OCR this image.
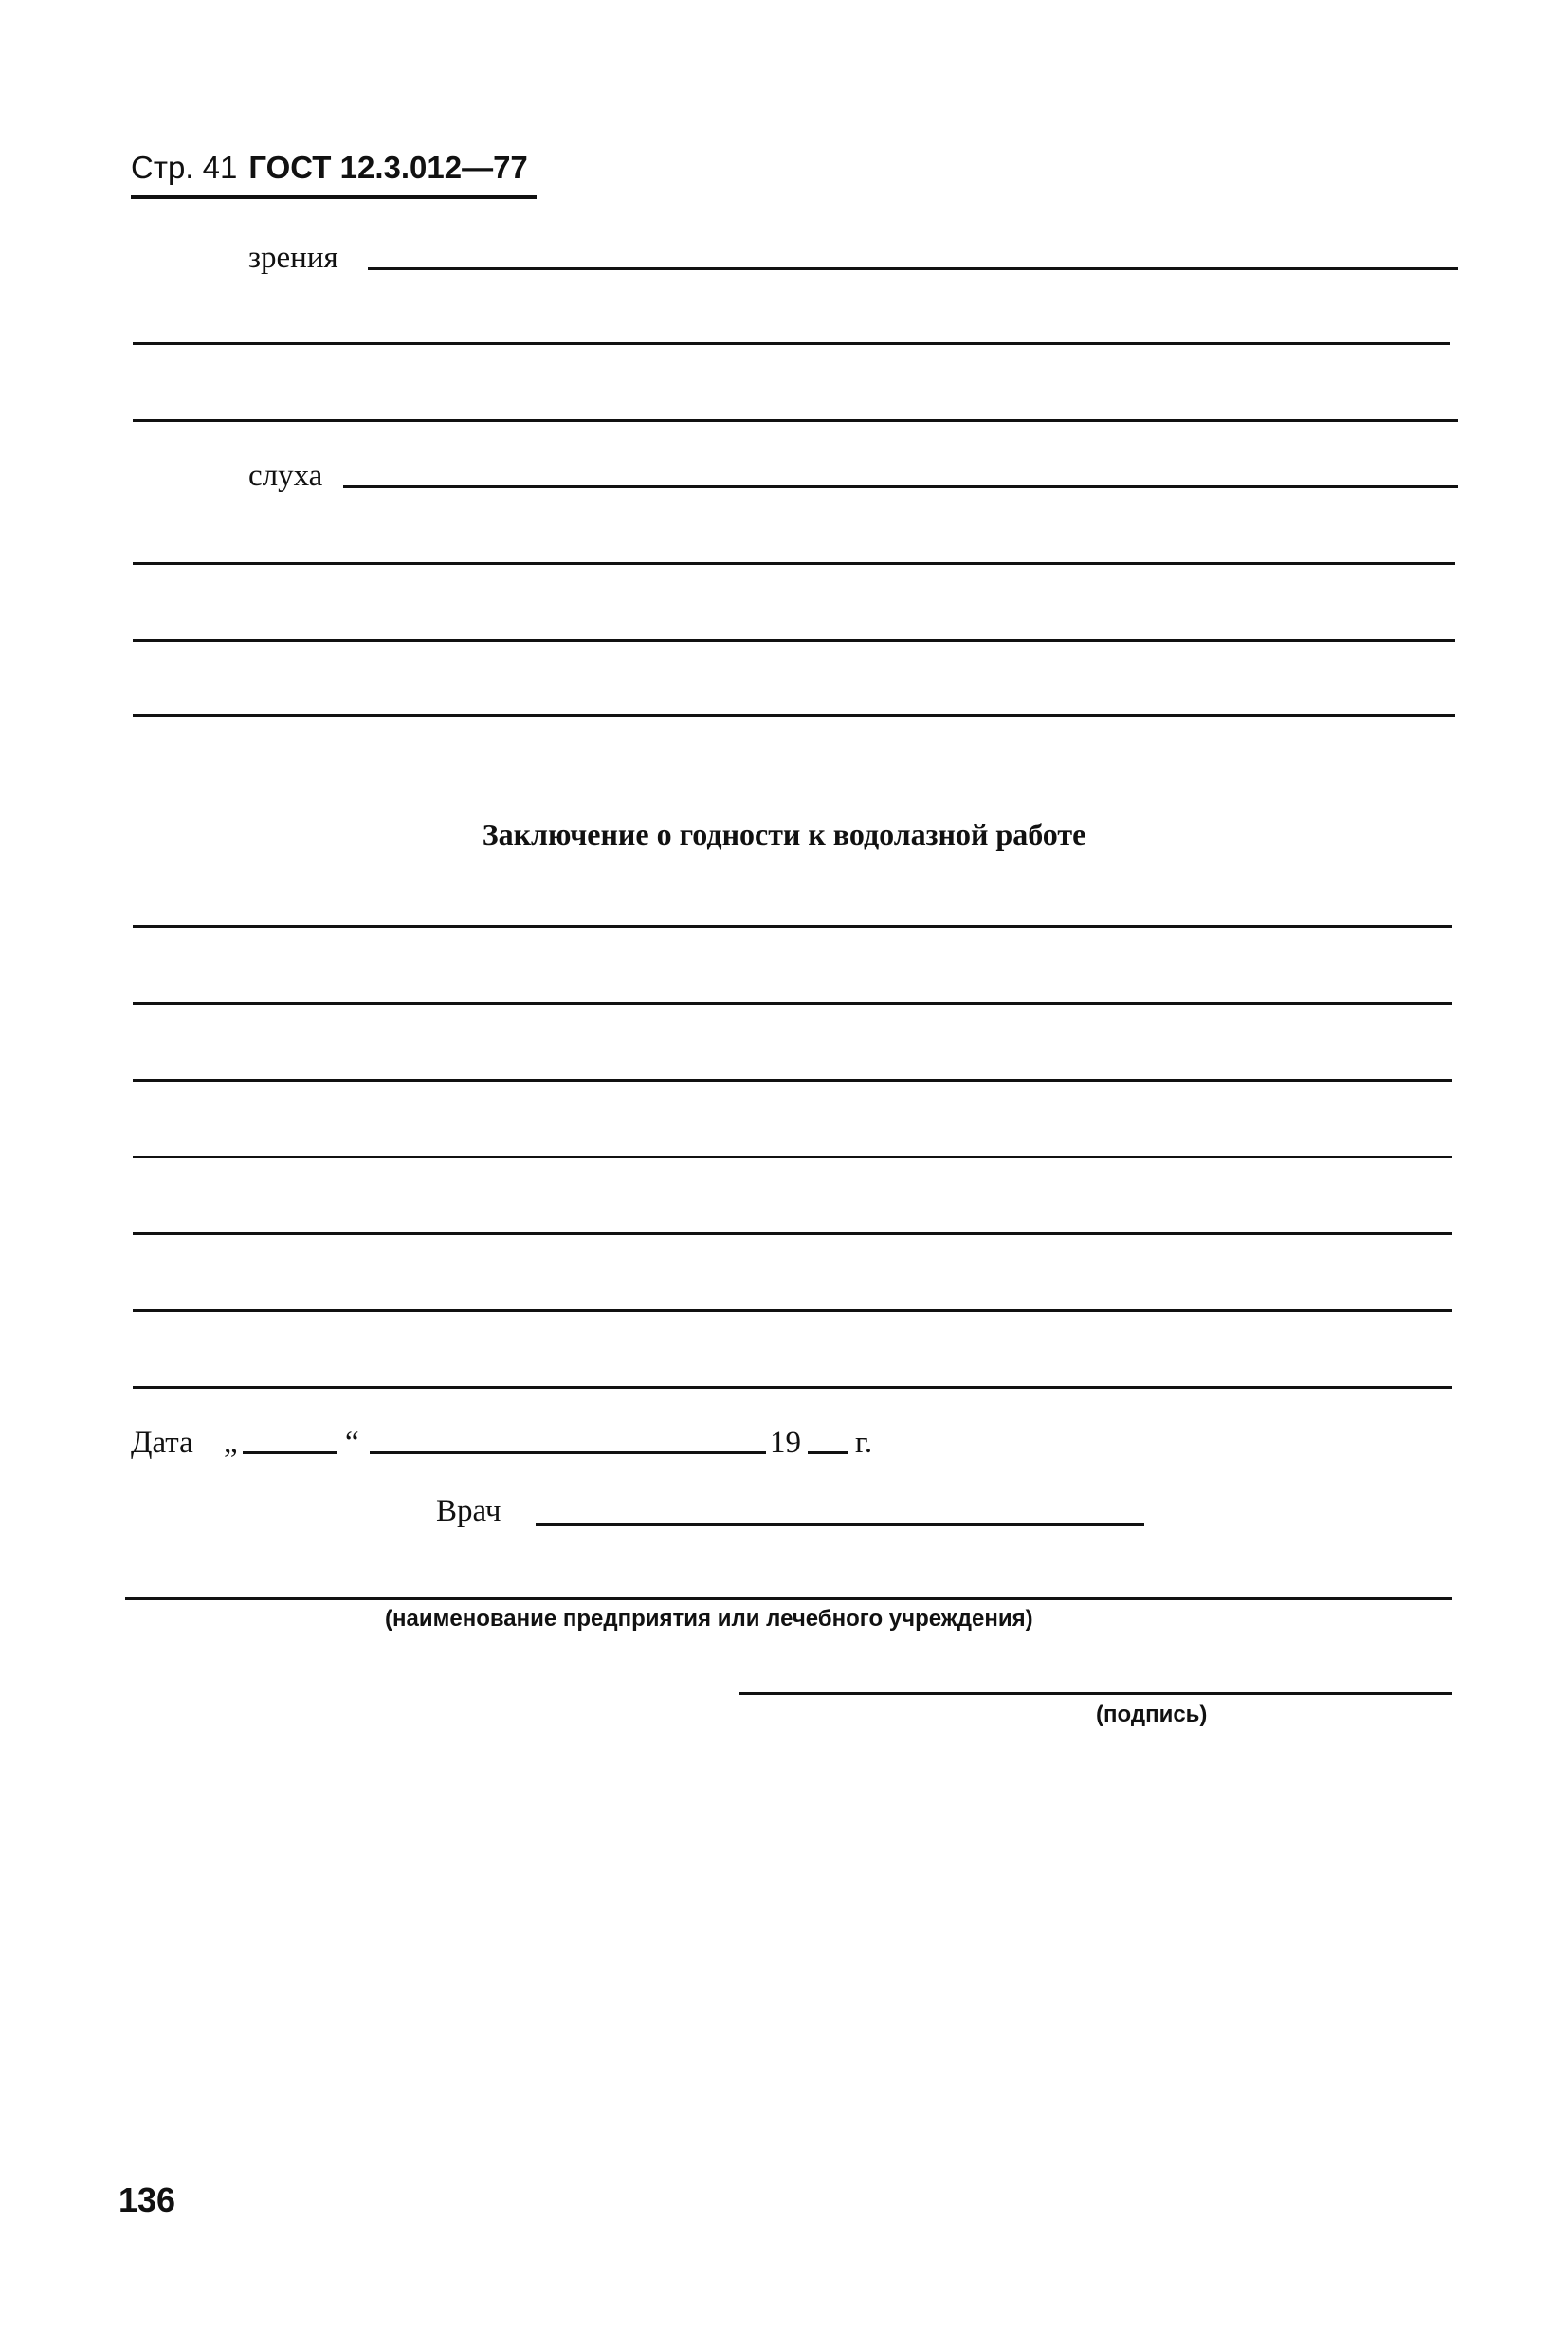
Стр. 41 ГОСТ 12.3.012—77
зрения
слуха
Заключение о годности к водолазной работе
Дата „	“	19 г.
Врач
(наименование предприятия или лечебного учреждения)
(подпись)
136
